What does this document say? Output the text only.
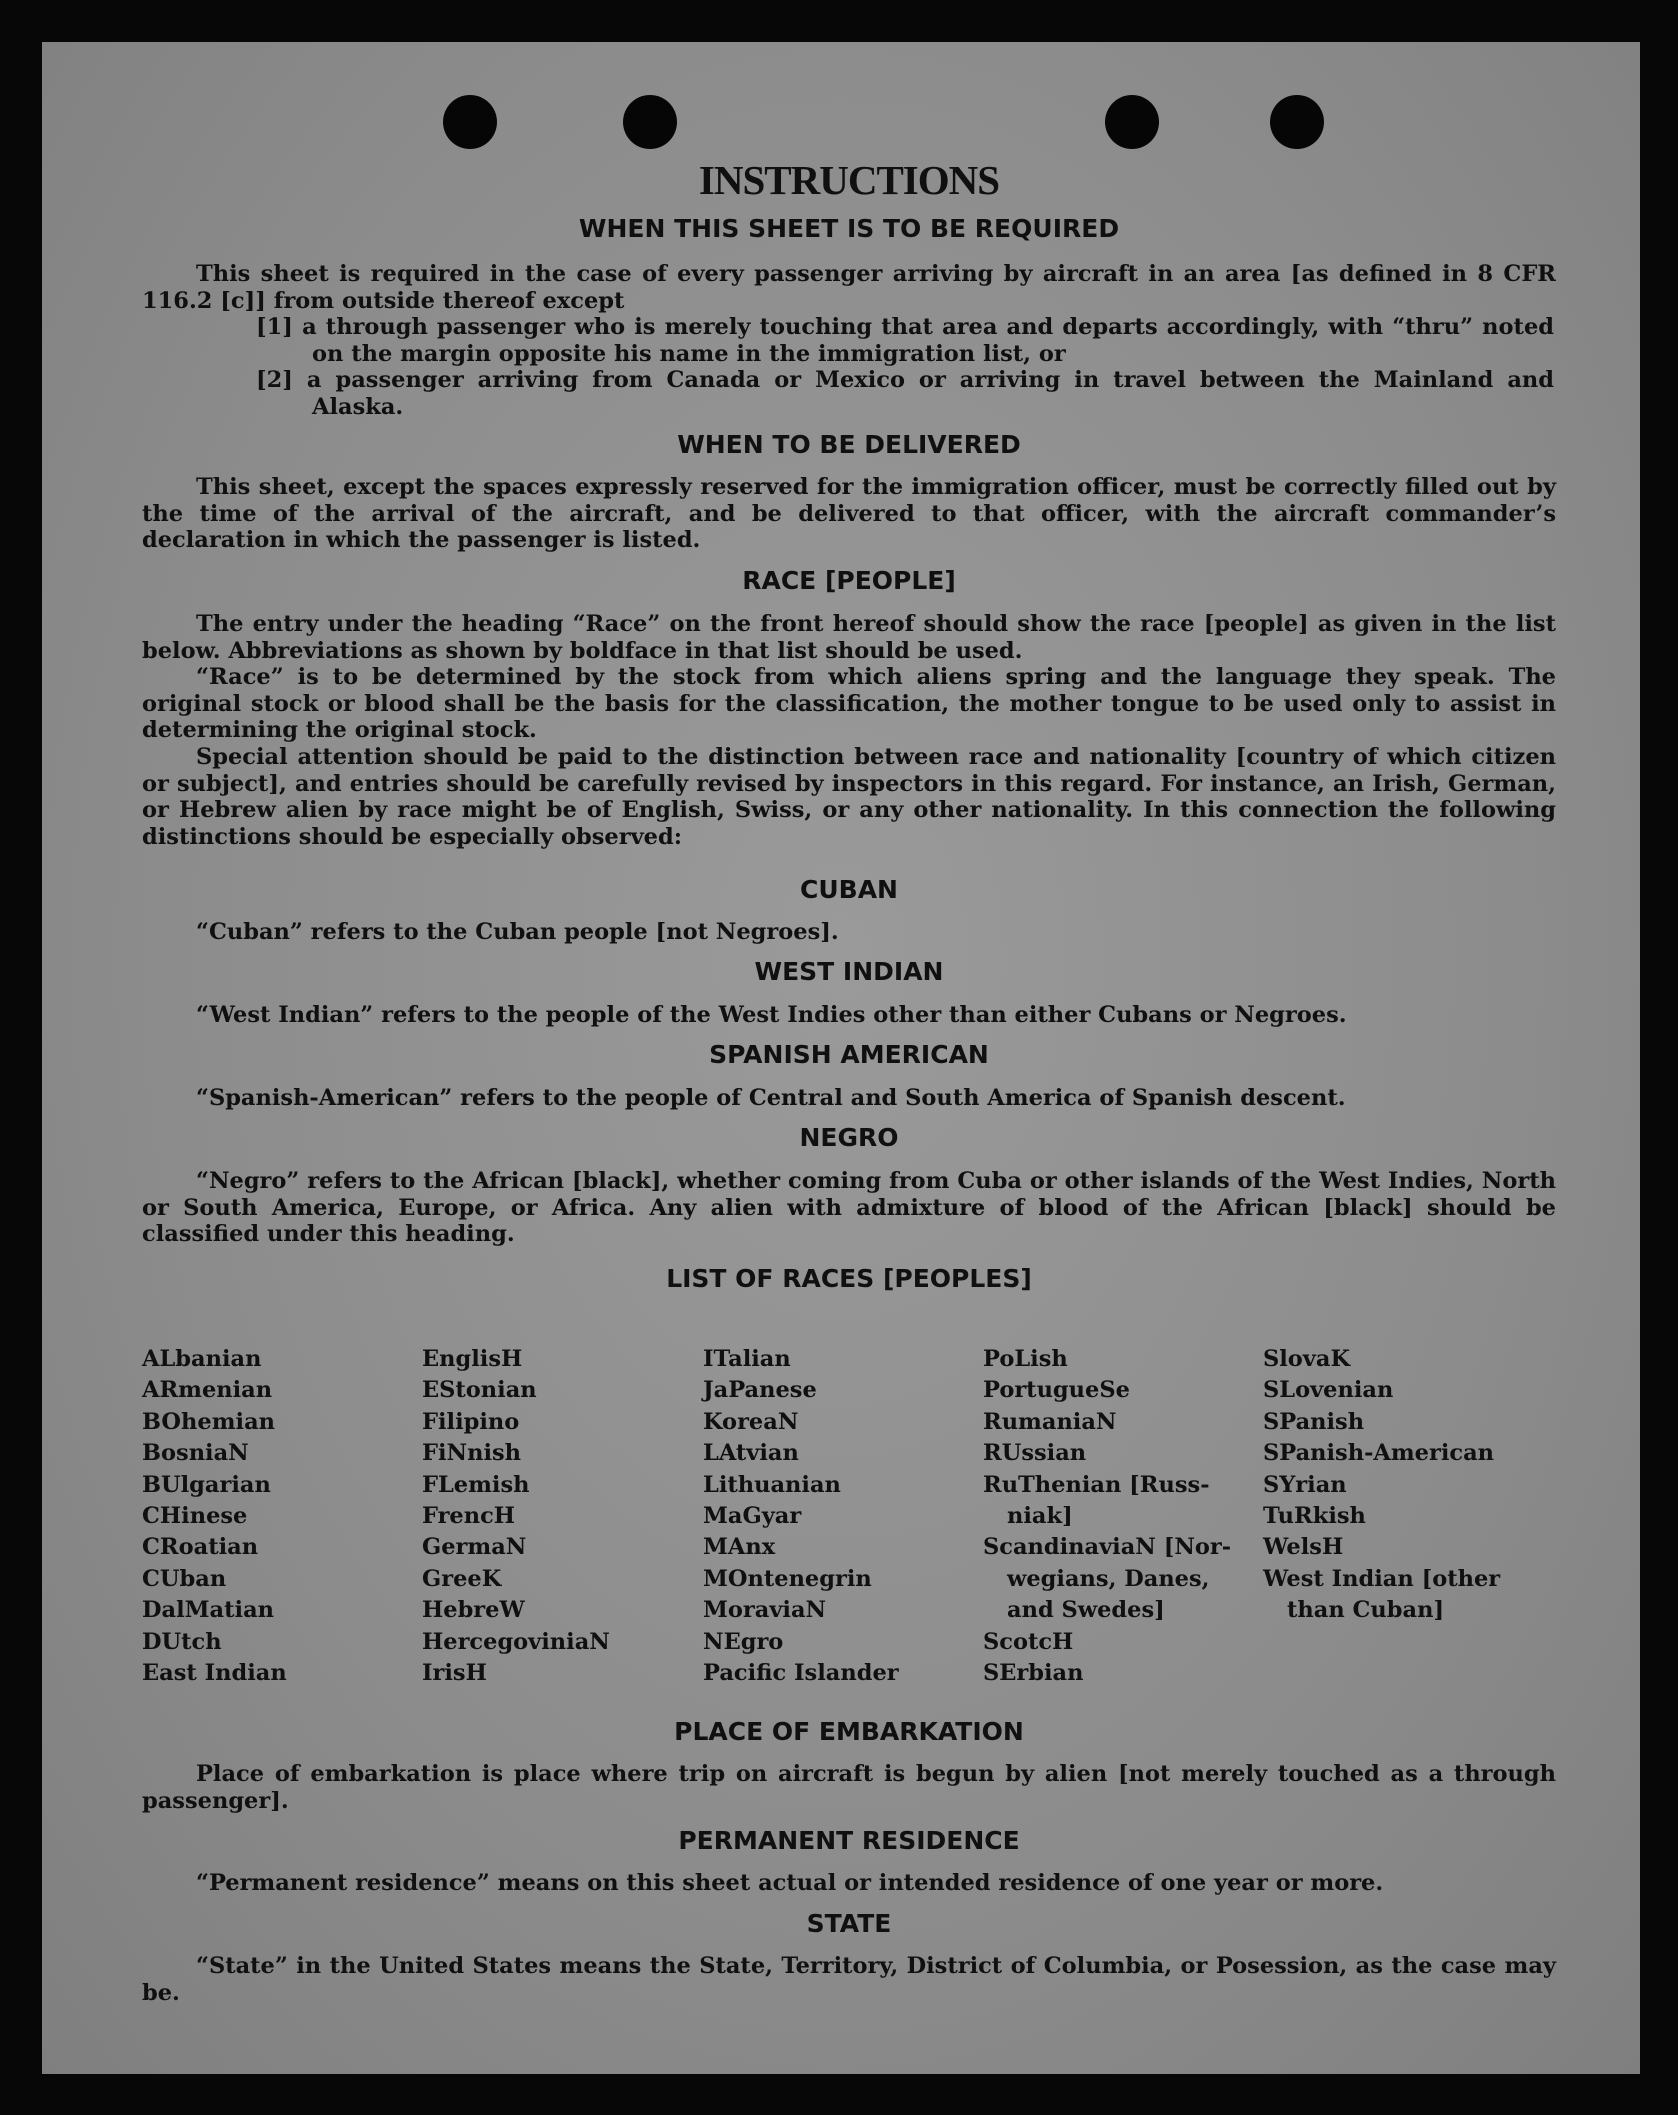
INSTRUCTIONS
WHEN THIS SHEET IS TO BE REQUIRED
This sheet is required in the case of every passenger arriving by aircraft in an area [as defined in 8 CFR 116.2 [c]] from outside thereof except
[1] a through passenger who is merely touching that area and departs accordingly, with “thru” noted on the margin opposite his name in the immigration list, or
[2] a passenger arriving from Canada or Mexico or arriving in travel between the Mainland and Alaska.
WHEN TO BE DELIVERED
This sheet, except the spaces expressly reserved for the immigration officer, must be correctly filled out by the time of the arrival of the aircraft, and be delivered to that officer, with the aircraft commander’s declaration in which the passenger is listed.
RACE [PEOPLE]
The entry under the heading “Race” on the front hereof should show the race [people] as given in the list below. Abbreviations as shown by boldface in that list should be used.
“Race” is to be determined by the stock from which aliens spring and the language they speak. The original stock or blood shall be the basis for the classification, the mother tongue to be used only to assist in determining the original stock.
Special attention should be paid to the distinction between race and nationality [country of which citizen or subject], and entries should be carefully revised by inspectors in this regard. For instance, an Irish, German, or Hebrew alien by race might be of English, Swiss, or any other nationality. In this connection the following distinctions should be especially observed:
CUBAN
“Cuban” refers to the Cuban people [not Negroes].
WEST INDIAN
“West Indian” refers to the people of the West Indies other than either Cubans or Negroes.
SPANISH AMERICAN
“Spanish-American” refers to the people of Central and South America of Spanish descent.
NEGRO
“Negro” refers to the African [black], whether coming from Cuba or other islands of the West Indies, North or South America, Europe, or Africa. Any alien with admixture of blood of the African [black] should be classified under this heading.
LIST OF RACES [PEOPLES]
ALbanian
ARmenian
BOhemian
BosniaN
BUlgarian
CHinese
CRoatian
CUban
DalMatian
DUtch
East Indian
EnglisH
EStonian
Filipino
FiNnish
FLemish
FrencH
GermaN
GreeK
HebreW
HercegoviniaN
IrisH
ITalian
JaPanese
KoreaN
LAtvian
Lithuanian
MaGyar
MAnx
MOntenegrin
MoraviaN
NEgro
Pacific Islander
PoLish
PortugueSe
RumaniaN
RUssian
RuThenian [Russ-
niak]
ScandinaviaN [Nor-
wegians, Danes,
and Swedes]
ScotcH
SErbian
SlovaK
SLovenian
SPanish
SPanish-American
SYrian
TuRkish
WelsH
West Indian [other
than Cuban]
PLACE OF EMBARKATION
Place of embarkation is place where trip on aircraft is begun by alien [not merely touched as a through passenger].
PERMANENT RESIDENCE
“Permanent residence” means on this sheet actual or intended residence of one year or more.
STATE
“State” in the United States means the State, Territory, District of Columbia, or Posession, as the case may be.
